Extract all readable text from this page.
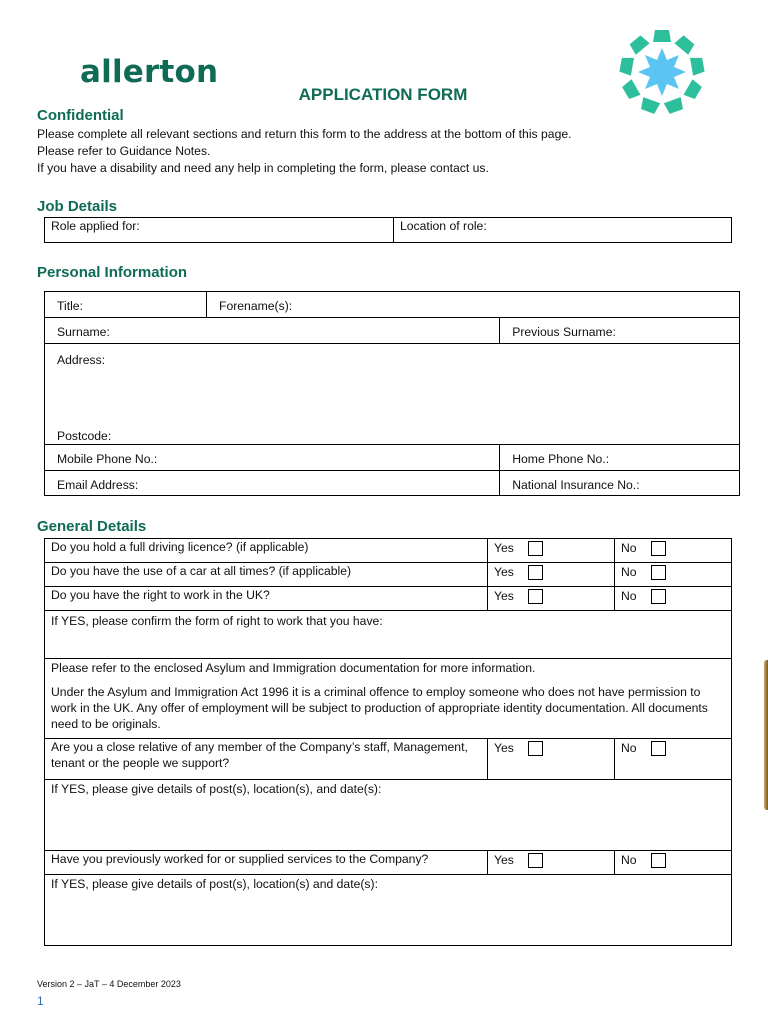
allerton
APPLICATION FORM
Confidential
Please complete all relevant sections and return this form to the address at the bottom of this page.
Please refer to Guidance Notes.
If you have a disability and need any help in completing the form, please contact us.
Job Details
Role applied for:	Location of role:
Personal Information
Title:	Forename(s):	
Surname:		Previous Surname:

Address:
Postcode:		

Mobile Phone No.:		Home Phone No.:
Email Address:		National Insurance No.:
General Details
Do you hold a full driving licence? (if applicable)	Yes	No

Do you have the use of a car at all times? (if applicable)	Yes	No

Do you have the right to work in the UK?	Yes	No

If YES, please confirm the form of right to work that you have:		

Please refer to the enclosed Asylum and Immigration documentation for more information.
Under the Asylum and Immigration Act 1996 it is a criminal offence to employ someone who does not have permission to work in the UK. Any offer of employment will be subject to production of appropriate identity documentation. All documents need to be originals.		

Are you a close relative of any member of the Company’s staff, Management, tenant or the people we support?	Yes	No

If YES, please give details of post(s), location(s), and date(s):		
Have you previously worked for or supplied services to the Company?	Yes	No

If YES, please give details of post(s), location(s) and date(s):		
Version 2 – JaT – 4 December 2023
1
